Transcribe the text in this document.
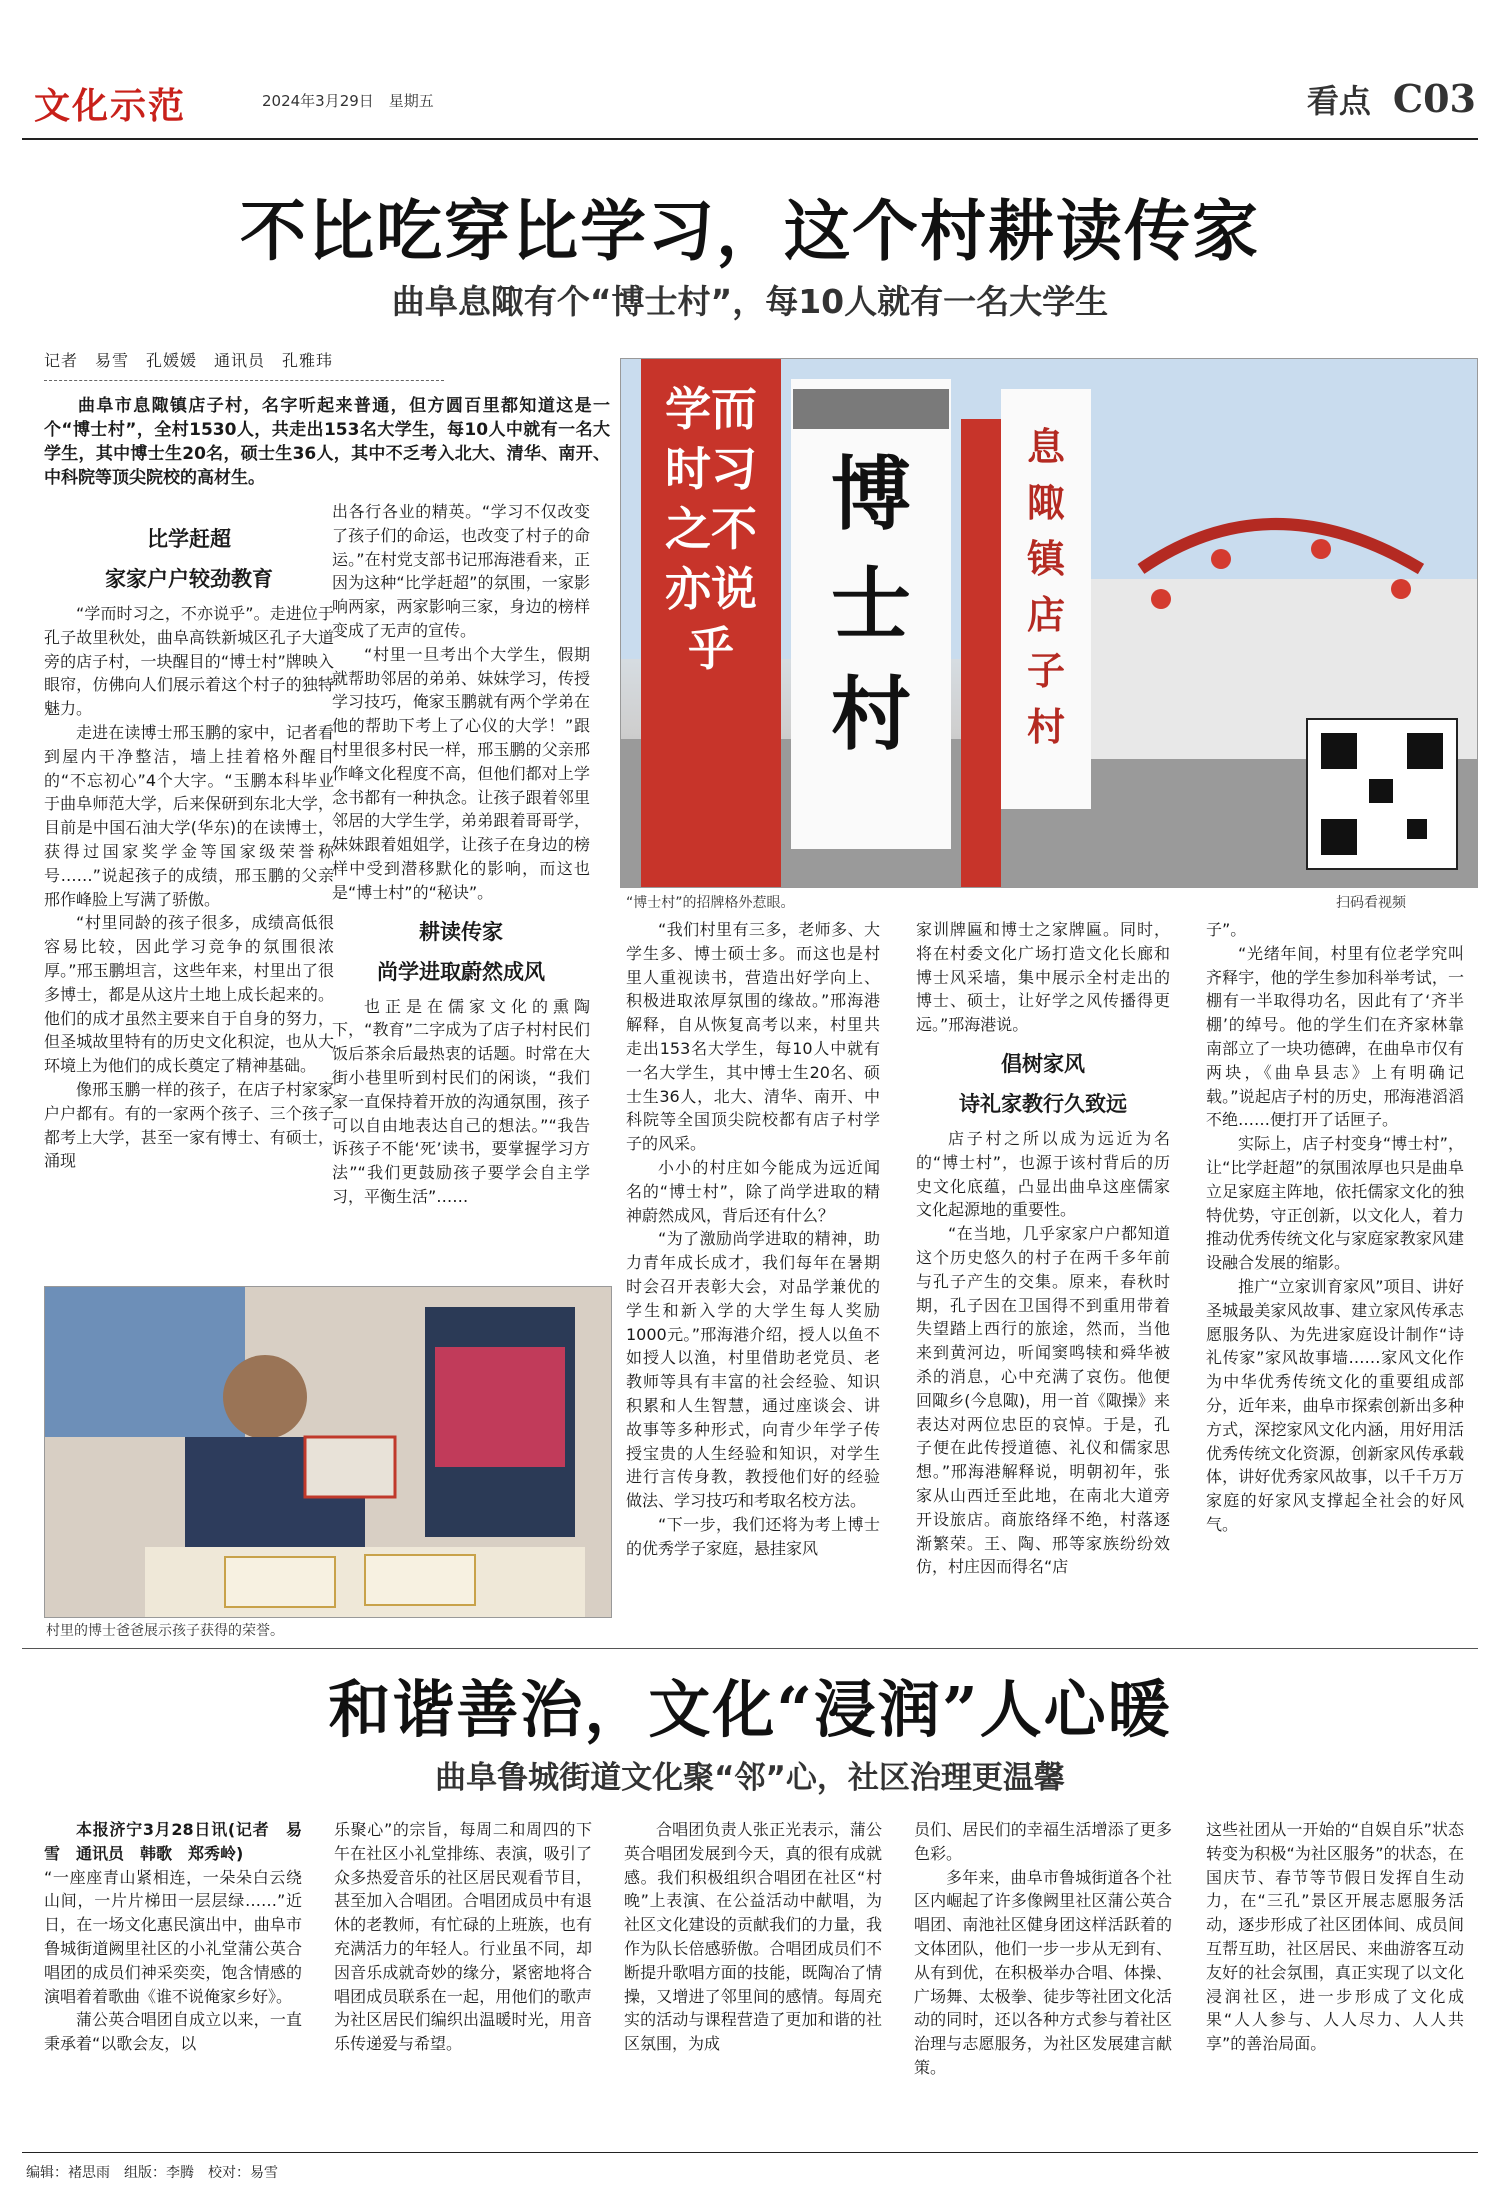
文化示范	2024年3月29日　星期五	看点 C03
不比吃穿比学习，这个村耕读传家
曲阜息陬有个“博士村”，每10人就有一名大学生
记者　易雪　孔媛媛　通讯员　孔雅玮
曲阜市息陬镇店子村，名字听起来普通，但方圆百里都知道这是一个“博士村”，全村1530人，共走出153名大学生，每10人中就有一名大学生，其中博士生20名，硕士生36人，其中不乏考入北大、清华、南开、中科院等顶尖院校的高材生。
比学赶超
家家户户较劲教育

“学而时习之，不亦说乎”。走进位于孔子故里秋处，曲阜高铁新城区孔子大道旁的店子村，一块醒目的“博士村”牌映入眼帘，仿佛向人们展示着这个村子的独特魅力。

走进在读博士邢玉鹏的家中，记者看到屋内干净整洁，墙上挂着格外醒目的“不忘初心”4个大字。“玉鹏本科毕业于曲阜师范大学，后来保研到东北大学，目前是中国石油大学(华东)的在读博士，获得过国家奖学金等国家级荣誉称号……”说起孩子的成绩，邢玉鹏的父亲邢作峰脸上写满了骄傲。

“村里同龄的孩子很多，成绩高低很容易比较，因此学习竞争的氛围很浓厚。”邢玉鹏坦言，这些年来，村里出了很多博士，都是从这片土地上成长起来的。他们的成才虽然主要来自于自身的努力，但圣城故里特有的历史文化积淀，也从大环境上为他们的成长奠定了精神基础。

像邢玉鹏一样的孩子，在店子村家家户户都有。有的一家两个孩子、三个孩子都考上大学，甚至一家有博士、有硕士，涌现

出各行各业的精英。“学习不仅改变了孩子们的命运，也改变了村子的命运。”在村党支部书记邢海港看来，正因为这种“比学赶超”的氛围，一家影响两家，两家影响三家，身边的榜样变成了无声的宣传。

“村里一旦考出个大学生，假期就帮助邻居的弟弟、妹妹学习，传授学习技巧，俺家玉鹏就有两个学弟在他的帮助下考上了心仪的大学！”跟村里很多村民一样，邢玉鹏的父亲邢作峰文化程度不高，但他们都对上学念书都有一种执念。让孩子跟着邻里邻居的大学生学，弟弟跟着哥哥学，妹妹跟着姐姐学，让孩子在身边的榜样中受到潜移默化的影响，而这也是“博士村”的“秘诀”。

耕读传家
尚学进取蔚然成风

也正是在儒家文化的熏陶下，“教育”二字成为了店子村村民们饭后茶余后最热衷的话题。时常在大街小巷里听到村民们的闲谈，“我们家一直保持着开放的沟通氛围，孩子可以自由地表达自己的想法。”“我告诉孩子不能‘死’读书，要掌握学习方法”“我们更鼓励孩子要学会自主学习，平衡生活”……

学而时习之不亦说乎
博士村
息陬镇店子村
“博士村”的招牌格外惹眼。	扫码看视频

“我们村里有三多，老师多、大学生多、博士硕士多。而这也是村里人重视读书，营造出好学向上、积极进取浓厚氛围的缘故。”邢海港解释，自从恢复高考以来，村里共走出153名大学生，每10人中就有一名大学生，其中博士生20名、硕士生36人，北大、清华、南开、中科院等全国顶尖院校都有店子村学子的风采。

小小的村庄如今能成为远近闻名的“博士村”，除了尚学进取的精神蔚然成风，背后还有什么？

“为了激励尚学进取的精神，助力青年成长成才，我们每年在暑期时会召开表彰大会，对品学兼优的学生和新入学的大学生每人奖励1000元。”邢海港介绍，授人以鱼不如授人以渔，村里借助老党员、老教师等具有丰富的社会经验、知识积累和人生智慧，通过座谈会、讲故事等多种形式，向青少年学子传授宝贵的人生经验和知识，对学生进行言传身教，教授他们好的经验做法、学习技巧和考取名校方法。

“下一步，我们还将为考上博士的优秀学子家庭，悬挂家风

家训牌匾和博士之家牌匾。同时，将在村委文化广场打造文化长廊和博士风采墙，集中展示全村走出的博士、硕士，让好学之风传播得更远。”邢海港说。

倡树家风
诗礼家教行久致远

店子村之所以成为远近为名的“博士村”，也源于该村背后的历史文化底蕴，凸显出曲阜这座儒家文化起源地的重要性。

“在当地，几乎家家户户都知道这个历史悠久的村子在两千多年前与孔子产生的交集。原来，春秋时期，孔子因在卫国得不到重用带着失望踏上西行的旅途，然而，当他来到黄河边，听闻窦鸣犊和舜华被杀的消息，心中充满了哀伤。他便回陬乡(今息陬)，用一首《陬操》来表达对两位忠臣的哀悼。于是，孔子便在此传授道德、礼仪和儒家思想。”邢海港解释说，明朝初年，张家从山西迁至此地，在南北大道旁开设旅店。商旅络绎不绝，村落逐渐繁荣。王、陶、邢等家族纷纷效仿，村庄因而得名“店

子”。

“光绪年间，村里有位老学究叫齐释宇，他的学生参加科举考试，一棚有一半取得功名，因此有了‘齐半棚’的绰号。他的学生们在齐家林靠南部立了一块功德碑，在曲阜市仅有两块，《曲阜县志》上有明确记载。”说起店子村的历史，邢海港滔滔不绝……便打开了话匣子。

实际上，店子村变身“博士村”，让“比学赶超”的氛围浓厚也只是曲阜立足家庭主阵地，依托儒家文化的独特优势，守正创新，以文化人，着力推动优秀传统文化与家庭家教家风建设融合发展的缩影。

推广“立家训育家风”项目、讲好圣城最美家风故事、建立家风传承志愿服务队、为先进家庭设计制作“诗礼传家”家风故事墙……家风文化作为中华优秀传统文化的重要组成部分，近年来，曲阜市探索创新出多种方式，深挖家风文化内涵，用好用活优秀传统文化资源，创新家风传承载体，讲好优秀家风故事，以千千万万家庭的好家风支撑起全社会的好风气。

村里的博士爸爸展示孩子获得的荣誉。
和谐善治，文化“浸润”人心暖
曲阜鲁城街道文化聚“邻”心，社区治理更温馨

本报济宁3月28日讯(记者　易雪　通讯员　韩歌　郑秀岭)

“一座座青山紧相连，一朵朵白云绕山间，一片片梯田一层层绿……”近日，在一场文化惠民演出中，曲阜市鲁城街道阙里社区的小礼堂蒲公英合唱团的成员们神采奕奕，饱含情感的演唱着着歌曲《谁不说俺家乡好》。

蒲公英合唱团自成立以来，一直秉承着“以歌会友，以

乐聚心”的宗旨，每周二和周四的下午在社区小礼堂排练、表演，吸引了众多热爱音乐的社区居民观看节目，甚至加入合唱团。合唱团成员中有退休的老教师，有忙碌的上班族，也有充满活力的年轻人。行业虽不同，却因音乐成就奇妙的缘分，紧密地将合唱团成员联系在一起，用他们的歌声为社区居民们编织出温暖时光，用音乐传递爱与希望。

合唱团负责人张正光表示，蒲公英合唱团发展到今天，真的很有成就感。我们积极组织合唱团在社区“村晚”上表演、在公益活动中献唱，为社区文化建设的贡献我们的力量，我作为队长倍感骄傲。合唱团成员们不断提升歌唱方面的技能，既陶冶了情操，又增进了邻里间的感情。每周充实的活动与课程营造了更加和谐的社区氛围，为成

员们、居民们的幸福生活增添了更多色彩。

多年来，曲阜市鲁城街道各个社区内崛起了许多像阙里社区蒲公英合唱团、南池社区健身团这样活跃着的文体团队，他们一步一步从无到有、从有到优，在积极举办合唱、体操、广场舞、太极拳、徒步等社团文化活动的同时，还以各种方式参与着社区治理与志愿服务，为社区发展建言献策。

这些社团从一开始的“自娱自乐”状态转变为积极“为社区服务”的状态，在国庆节、春节等节假日发挥自生动力，在“三孔”景区开展志愿服务活动，逐步形成了社区团体间、成员间互帮互助，社区居民、来曲游客互动友好的社会氛围，真正实现了以文化浸润社区，进一步形成了文化成果“人人参与、人人尽力、人人共享”的善治局面。

编辑：褚思雨　组版：李腾　校对：易雪
